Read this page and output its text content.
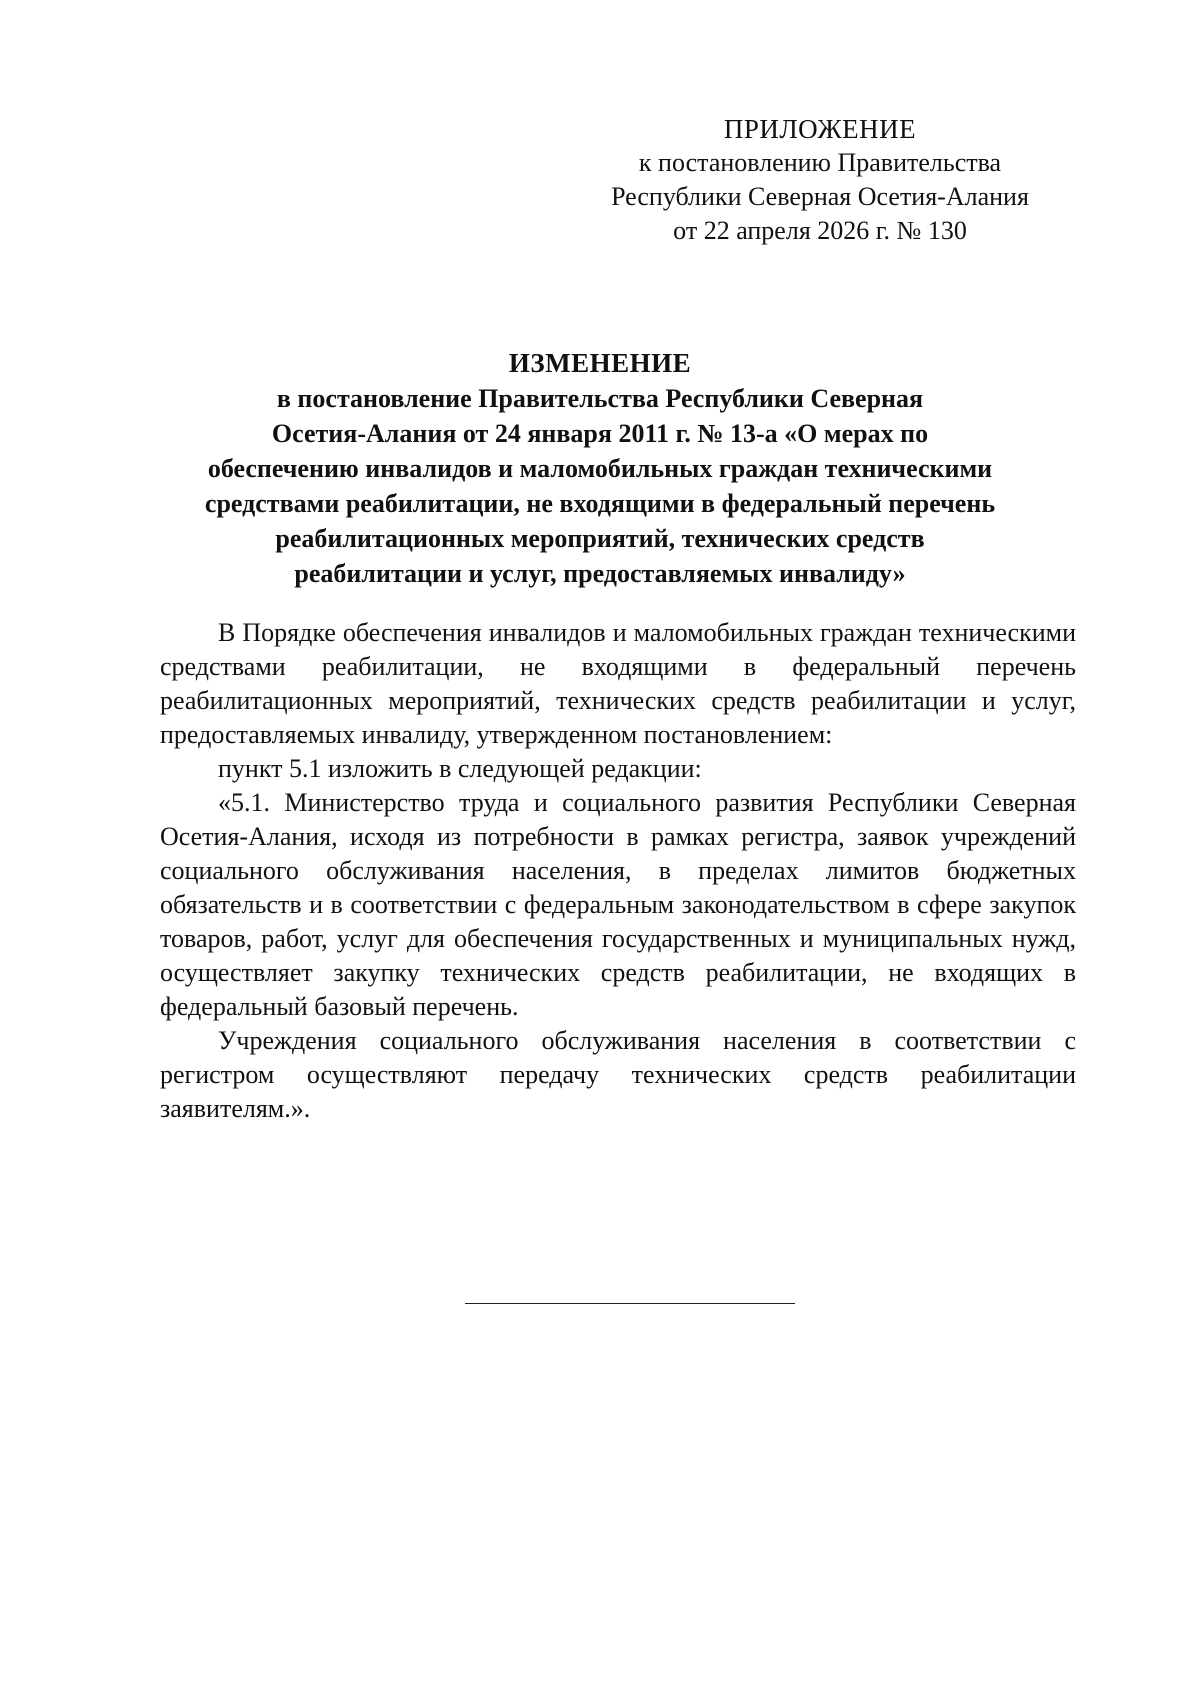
ПРИЛОЖЕНИЕ
к постановлению Правительства
Республики Северная Осетия-Алания
от 22 апреля 2026 г. № 130
ИЗМЕНЕНИЕ
в постановление Правительства Республики Северная
Осетия-Алания от 24 января 2011 г. № 13-а «О мерах по
обеспечению инвалидов и маломобильных граждан техническими
средствами реабилитации, не входящими в федеральный перечень
реабилитационных мероприятий, технических средств
реабилитации и услуг, предоставляемых инвалиду»

В Порядке обеспечения инвалидов и маломобильных граждан техническими средствами реабилитации, не входящими в федеральный перечень реабилитационных мероприятий, технических средств реабилитации и услуг, предоставляемых инвалиду, утвержденном постановлением:

пункт 5.1 изложить в следующей редакции:

«5.1. Министерство труда и социального развития Республики Северная Осетия-Алания, исходя из потребности в рамках регистра, заявок учреждений социального обслуживания населения, в пределах лимитов бюджетных обязательств и в соответствии с федеральным законодательством в сфере закупок товаров, работ, услуг для обеспечения государственных и муниципальных нужд, осуществляет закупку технических средств реабилитации, не входящих в федеральный базовый перечень.

Учреждения социального обслуживания населения в соответствии с регистром осуществляют передачу технических средств реабилитации заявителям.».
